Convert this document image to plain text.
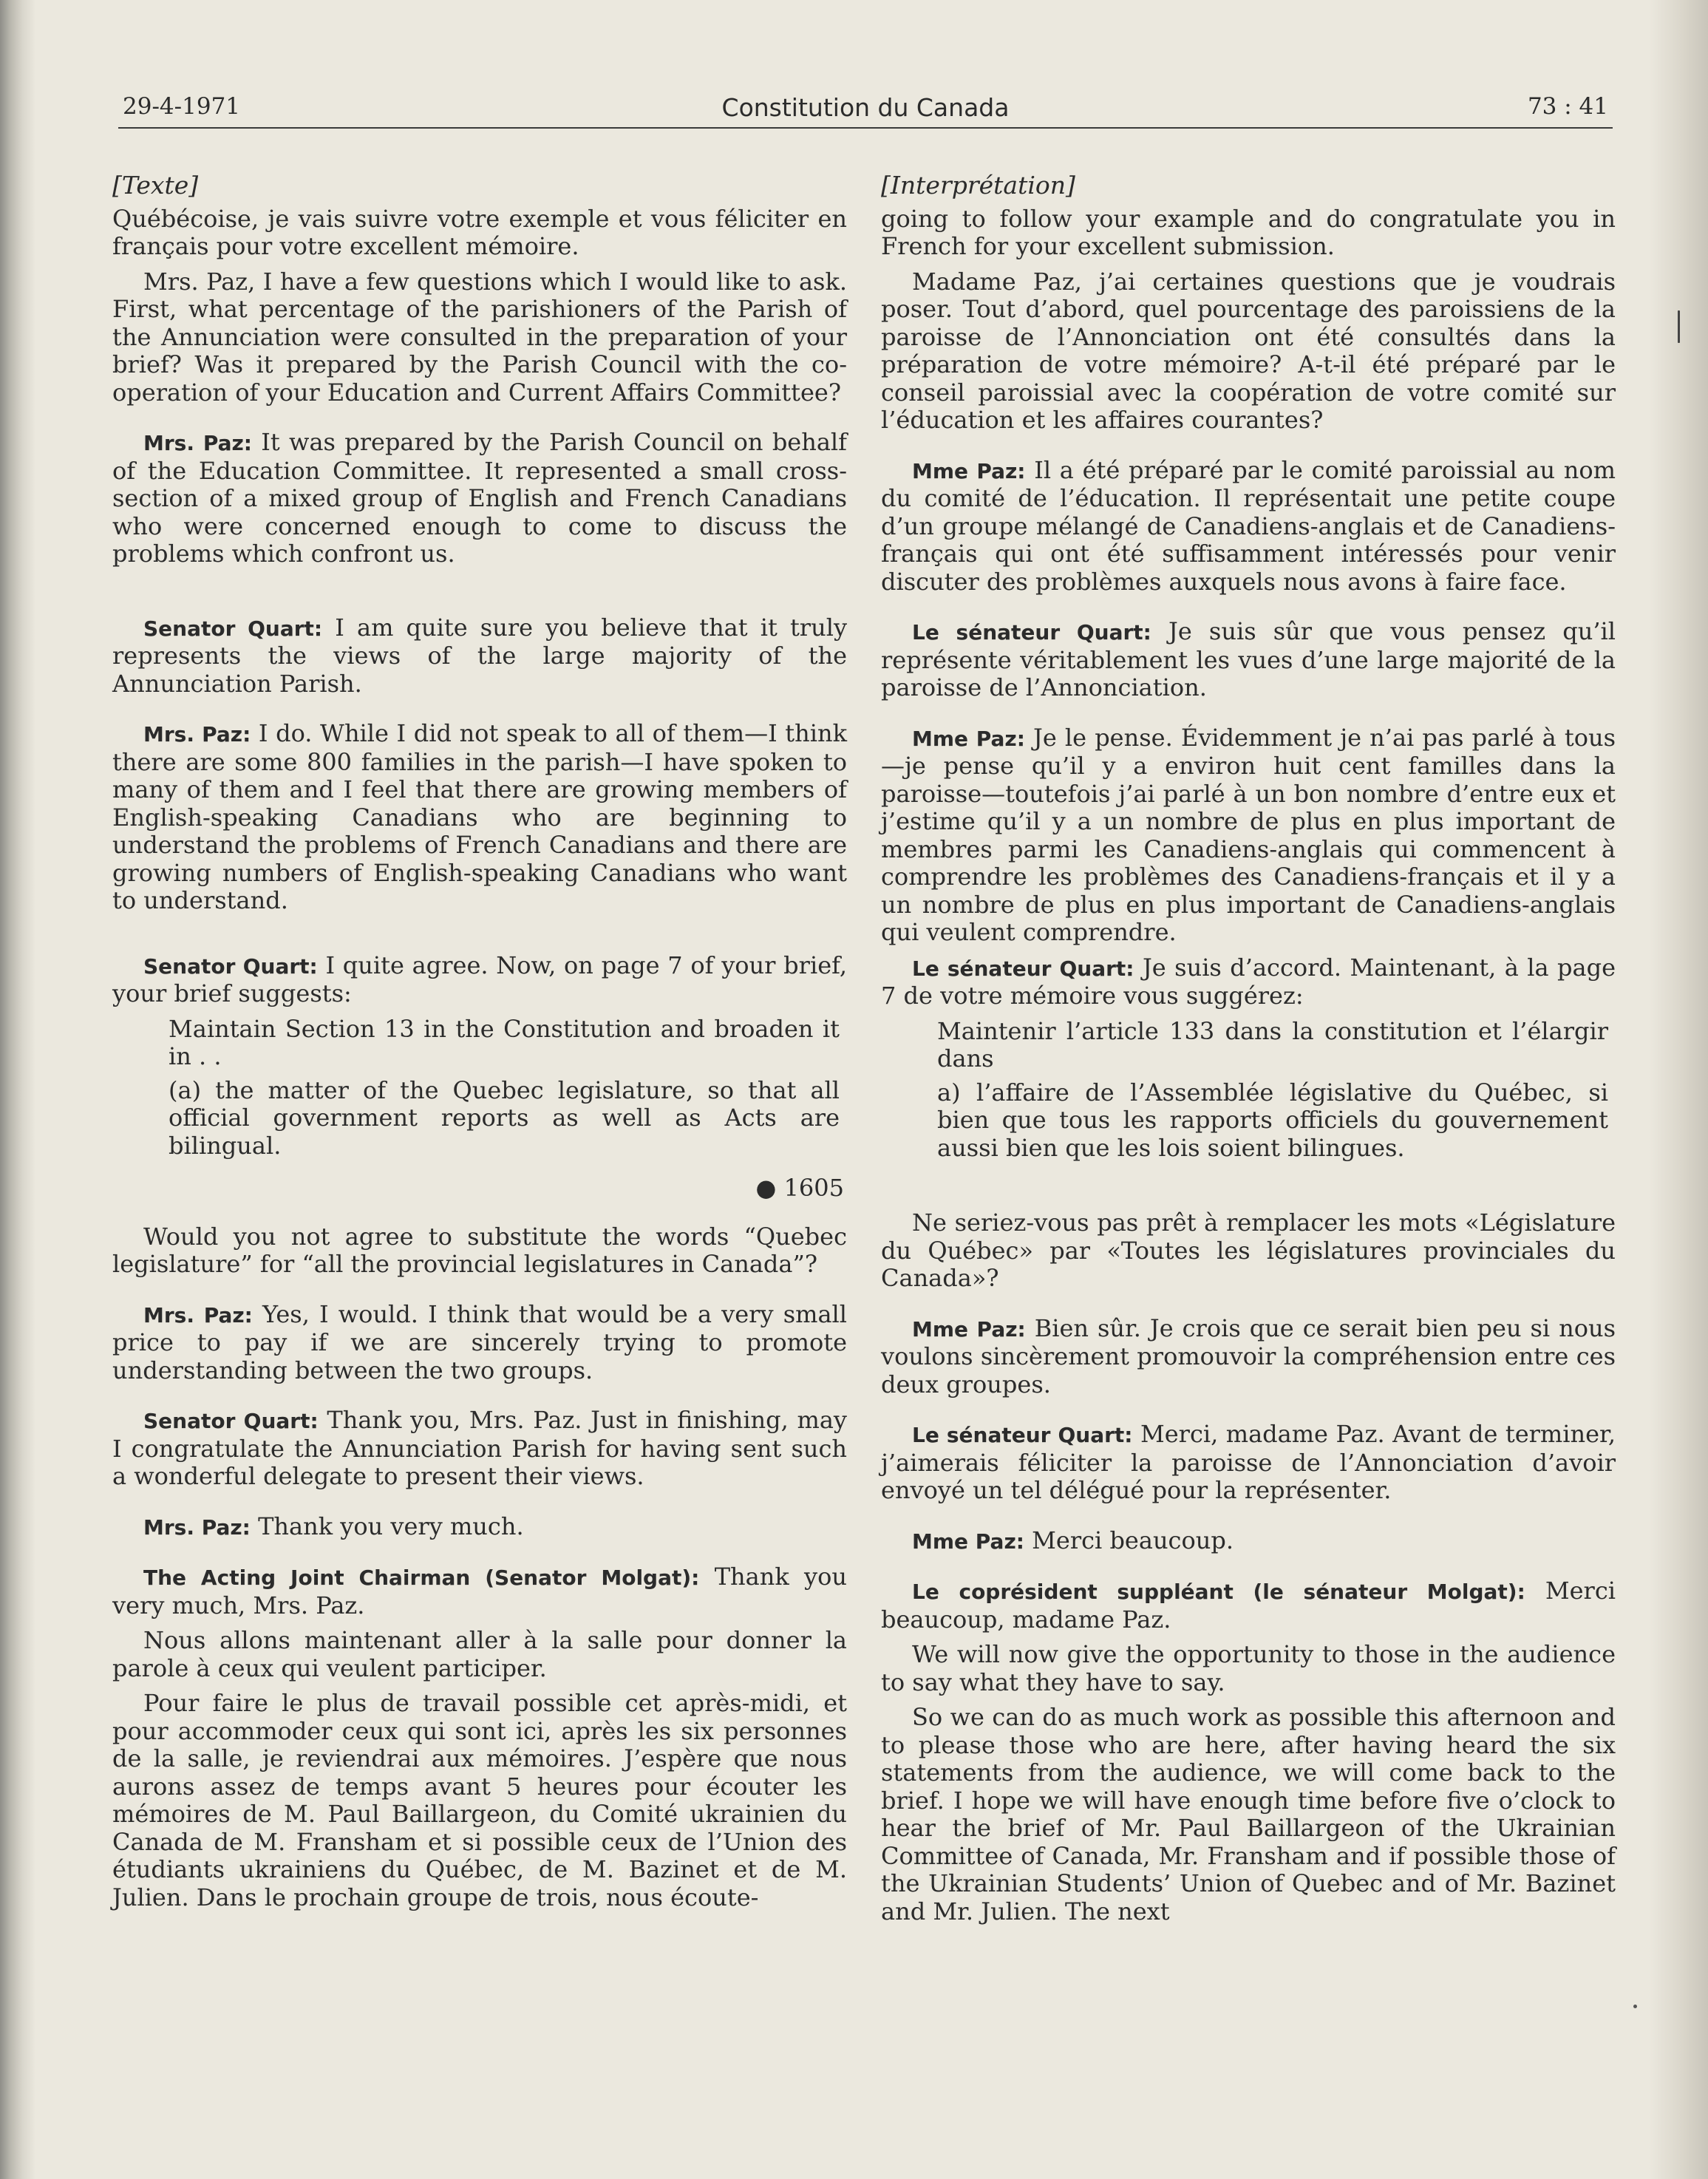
29-4-1971	Constitution du Canada	73 : 41
[Texte]

Québécoise, je vais suivre votre exemple et vous féliciter en français pour votre excellent mémoire.

Mrs. Paz, I have a few questions which I would like to ask. First, what percentage of the parishioners of the Parish of the Annunciation were consulted in the preparation of your brief? Was it prepared by the Parish Council with the co-operation of your Education and Current Affairs Committee?

Mrs. Paz: It was prepared by the Parish Council on behalf of the Education Committee. It represented a small cross-section of a mixed group of English and French Canadians who were concerned enough to come to discuss the problems which confront us.

Senator Quart: I am quite sure you believe that it truly represents the views of the large majority of the Annunciation Parish.

Mrs. Paz: I do. While I did not speak to all of them—I think there are some 800 families in the parish—I have spoken to many of them and I feel that there are growing members of English-speaking Canadians who are beginning to understand the problems of French Canadians and there are growing numbers of English-speaking Canadians who want to understand.

Senator Quart: I quite agree. Now, on page 7 of your brief, your brief suggests:

Maintain Section 13 in the Constitution and broaden it in . .

(a) the matter of the Quebec legislature, so that all official government reports as well as Acts are bilingual.

● 1605

Would you not agree to substitute the words “Quebec legislature” for “all the provincial legislatures in Canada”?

Mrs. Paz: Yes, I would. I think that would be a very small price to pay if we are sincerely trying to promote understanding between the two groups.

Senator Quart: Thank you, Mrs. Paz. Just in finishing, may I congratulate the Annunciation Parish for having sent such a wonderful delegate to present their views.

Mrs. Paz: Thank you very much.

The Acting Joint Chairman (Senator Molgat): Thank you very much, Mrs. Paz.

Nous allons maintenant aller à la salle pour donner la parole à ceux qui veulent participer.

Pour faire le plus de travail possible cet après-midi, et pour accommoder ceux qui sont ici, après les six personnes de la salle, je reviendrai aux mémoires. J’espère que nous aurons assez de temps avant 5 heures pour écouter les mémoires de M. Paul Baillargeon, du Comité ukrainien du Canada de M. Fransham et si possible ceux de l’Union des étudiants ukrainiens du Québec, de M. Bazinet et de M. Julien. Dans le prochain groupe de trois, nous écoute-

[Interprétation]

going to follow your example and do congratulate you in French for your excellent submission.

Madame Paz, j’ai certaines questions que je voudrais poser. Tout d’abord, quel pourcentage des paroissiens de la paroisse de l’Annonciation ont été consultés dans la préparation de votre mémoire? A-t-il été préparé par le conseil paroissial avec la coopération de votre comité sur l’éducation et les affaires courantes?

Mme Paz: Il a été préparé par le comité paroissial au nom du comité de l’éducation. Il représentait une petite coupe d’un groupe mélangé de Canadiens-anglais et de Canadiens-français qui ont été suffisamment intéressés pour venir discuter des problèmes auxquels nous avons à faire face.

Le sénateur Quart: Je suis sûr que vous pensez qu’il représente véritablement les vues d’une large majorité de la paroisse de l’Annonciation.

Mme Paz: Je le pense. Évidemment je n’ai pas parlé à tous—je pense qu’il y a environ huit cent familles dans la paroisse—toutefois j’ai parlé à un bon nombre d’entre eux et j’estime qu’il y a un nombre de plus en plus important de membres parmi les Canadiens-anglais qui commencent à comprendre les problèmes des Canadiens-français et il y a un nombre de plus en plus important de Canadiens-anglais qui veulent comprendre.

Le sénateur Quart: Je suis d’accord. Maintenant, à la page 7 de votre mémoire vous suggérez:

Maintenir l’article 133 dans la constitution et l’élargir dans

a) l’affaire de l’Assemblée législative du Québec, si bien que tous les rapports officiels du gouvernement aussi bien que les lois soient bilingues.

Ne seriez-vous pas prêt à remplacer les mots «Législature du Québec» par «Toutes les législatures provinciales du Canada»?

Mme Paz: Bien sûr. Je crois que ce serait bien peu si nous voulons sincèrement promouvoir la compréhension entre ces deux groupes.

Le sénateur Quart: Merci, madame Paz. Avant de terminer, j’aimerais féliciter la paroisse de l’Annonciation d’avoir envoyé un tel délégué pour la représenter.

Mme Paz: Merci beaucoup.

Le coprésident suppléant (le sénateur Molgat): Merci beaucoup, madame Paz.

We will now give the opportunity to those in the audience to say what they have to say.

So we can do as much work as possible this afternoon and to please those who are here, after having heard the six statements from the audience, we will come back to the brief. I hope we will have enough time before five o’clock to hear the brief of Mr. Paul Baillargeon of the Ukrainian Committee of Canada, Mr. Fransham and if possible those of the Ukrainian Students’ Union of Quebec and of Mr. Bazinet and Mr. Julien. The next
